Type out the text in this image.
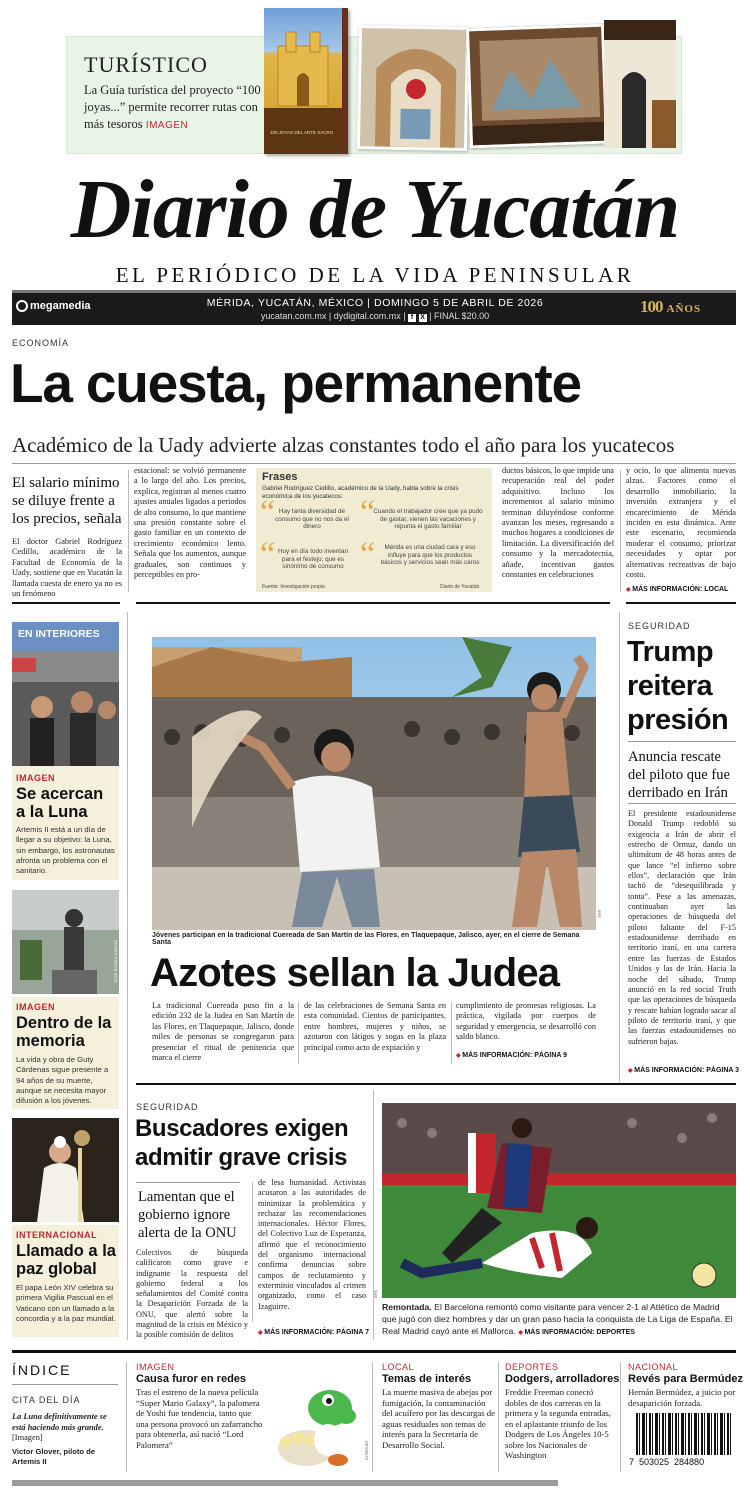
TURÍSTICO
La Guía turística del proyecto “100 joyas...” permite recorrer rutas con más tesoros IMAGEN
100 JOYAS DEL ARTE SACRO
Diario de Yucatán
EL PERIÓDICO DE LA VIDA PENINSULAR
megamedia	MÉRIDA, YUCATÁN, MÉXICO | DOMINGO 5 DE ABRIL DE 2026
yucatan.com.mx | dydigital.com.mx | f X | FINAL $20.00	100 AÑOS
ECONOMÍA
La cuesta, permanente
Académico de la Uady advierte alzas constantes todo el año para los yucatecos
El salario mínimo se diluye frente a los precios, señala
El doctor Gabriel Rodríguez Cedillo, académico de la Facultad de Economía de la Uady, sostiene que en Yucatán la llamada cuesta de enero ya no es un fenómeno
estacional: se volvió permanente a lo largo del año. Los precios, explica, registran al menos cuatro ajustes anuales ligados a periodos de alto consumo, lo que mantiene una presión constante sobre el gasto familiar en un contexto de crecimiento económico lento. Señala que los aumentos, aunque graduales, son continuos y perceptibles en pro-
Frases
Gabriel Rodríguez Cedillo, académico de la Uady, habla sobre la crisis económica de los yucatecos:
“ “
“ “
Hay tanta diversidad de consumo que no nos da el dinero
Cuando el trabajador cree que ya pudo de gastar, vienen las vacaciones y repunta el gasto familiar
Hoy en día todo inventan para el festejo; que es sinónimo de consumo
Mérida es una ciudad cara y eso influye para que los productos básicos y servicios sean más caros
Fuente: Investigación propia	Diario de Yucatán
ductos básicos, lo que impide una recuperación real del poder adquisitivo. Incluso los incrementos al salario mínimo terminan diluyéndose conforme avanzan los meses, regresando a muchos hogares a condiciones de limitación. La diversificación del consumo y la mercadotecnia, añade, incentivan gastos constantes en celebraciones
y ocio, lo que alimenta nuevas alzas. Factores como el desarrollo inmobiliario, la inversión extranjera y el encarecimiento de Mérida inciden en esta dinámica. Ante este escenario, recomienda moderar el consumo, priorizar necesidades y optar por alternativas recreativas de bajo costo.
◆ MÁS INFORMACIÓN: LOCAL
EN INTERIORES
IMAGEN
Se acercan a la Luna
Artemis II está a un día de llegar a su objetivo: la Luna, sin embargo, los astronautas afronta un problema con el sanitario.
JOSÉ ROMÁN GARCÍA
IMAGEN
Dentro de la memoria
La vida y obra de Guty Cárdenas sigue presente a 94 años de su muerte, aunque se necesita mayor difusión a los jóvenes.
INTERNACIONAL
Llamado a la paz global
El papa León XIV celebra su primera Vigilia Pascual en el Vaticano con un llamado a la concordia y a la paz mundial.
EFE
Jóvenes participan en la tradicional Cuereada de San Martín de las Flores, en Tlaquepaque, Jalisco, ayer, en el cierre de Semana Santa
Azotes sellan la Judea
La tradicional Cuereada puso fin a la edición 232 de la Judea en San Martín de las Flores, en Tlaquepaque, Jalisco, donde miles de personas se congregaron para presenciar el ritual de penitencia que marca el cierre
de las celebraciones de Semana Santa en esta comunidad. Cientos de participantes, entre hombres, mujeres y niños, se azotaron con látigos y sogas en la plaza principal como acto de expiación y
cumplimiento de promesas religiosas. La práctica, vigilada por cuerpos de seguridad y emergencia, se desarrolló con saldo blanco.
◆ MÁS INFORMACIÓN: PÁGINA 9
SEGURIDAD
Trump reitera presión
Anuncia rescate del piloto que fue derribado en Irán
El presidente estadounidense Donald Trump redobló su exigencia a Irán de abrir el estrecho de Ormuz, dando un ultimátum de 48 horas antes de que lance “el infierno sobre ellos”, declaración que Irán tachó de “desequilibrada y tonta”. Pese a las amenazas, continuaban ayer las operaciones de búsqueda del piloto faltante del F-15 estadounidense derribado en territorio iraní, en una carrera entre las fuerzas de Estados Unidos y las de Irán. Hacia la noche del sábado, Trump anunció en la red social Truth que las operaciones de búsqueda y rescate habían logrado sacar al piloto de territorio iraní, y que las fuerzas estadounidenses no sufrieron bajas.
◆ MÁS INFORMACIÓN: PÁGINA 3
SEGURIDAD
Buscadores exigen admitir grave crisis
Lamentan que el gobierno ignore alerta de la ONU
Colectivos de búsqueda calificaron como grave e indignante la respuesta del gobierno federal a los señalamientos del Comité contra la Desaparición Forzada de la ONU, que alertó sobre la magnitud de la crisis en México y la posible comisión de delitos
de lesa humanidad. Activistas acusaron a las autoridades de minimizar la problemática y rechazar las recomendaciones internacionales. Héctor Flores, del Colectivo Luz de Esperanza, afirmó que el reconocimiento del organismo internacional confirma denuncias sobre campos de reclutamiento y exterminio vinculados al crimen organizado, como el caso Izaguirre.
◆ MÁS INFORMACIÓN: PÁGINA 7
EFE
Remontada. El Barcelona remontó como visitante para vencer 2-1 al Atlético de Madrid que jugó con diez hombres y dar un gran paso hacia la conquista de La Liga de España. El Real Madrid cayó ante el Mallorca. ◆ MÁS INFORMACIÓN: DEPORTES
ÍNDICE
CITA DEL DÍA
La Luna definitivamente se está haciendo más grande. [Imagen]
Victor Glover, piloto de Artemis II
IMAGEN
Causa furor en redes
Tras el estreno de la nueva película “Super Mario Galaxy”, la palomera de Yoshi fue tendencia, tanto que una persona provocó un zafarrancho para obtenerla, así nació “Lord Palomera”	INTERNET
LOCAL
Temas de interés
La muerte masiva de abejas por fumigación, la contaminación del acuífero por las descargas de aguas residuales son temas de interés para la Secretaría de Desarrollo Social.
DEPORTES
Dodgers, arrolladores
Freddie Freeman conectó dobles de dos carreras en la primera y la segunda entradas, en el aplastante triunfo de los Dodgers de Los Ángeles 10-5 sobre los Nacionales de Washington
NACIONAL
Revés para Bermúdez
Hernán Bermúdez, a juicio por desaparición forzada.
7  503025  284880
